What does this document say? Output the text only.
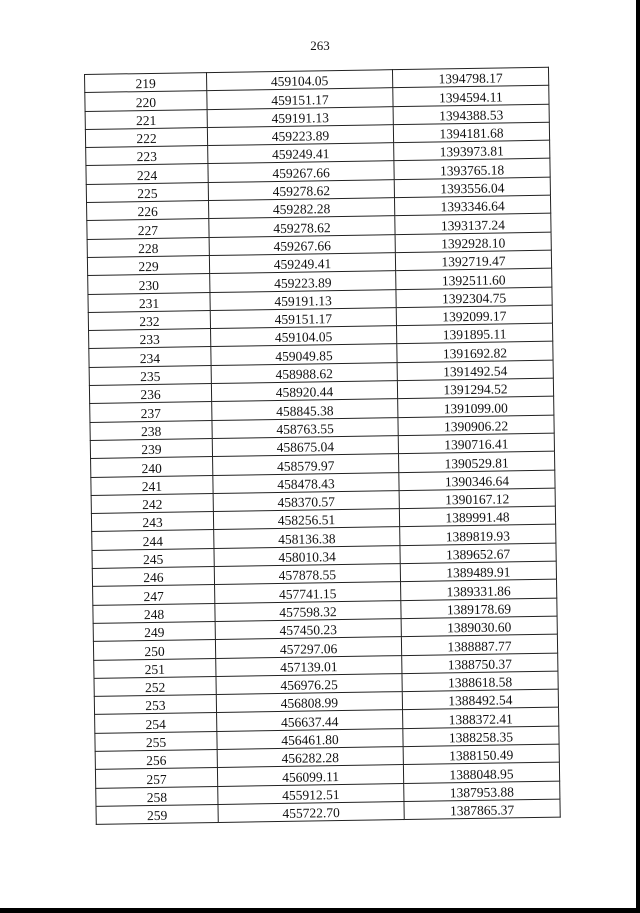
263
219	459104.05	1394798.17
220	459151.17	1394594.11
221	459191.13	1394388.53
222	459223.89	1394181.68
223	459249.41	1393973.81
224	459267.66	1393765.18
225	459278.62	1393556.04
226	459282.28	1393346.64
227	459278.62	1393137.24
228	459267.66	1392928.10
229	459249.41	1392719.47
230	459223.89	1392511.60
231	459191.13	1392304.75
232	459151.17	1392099.17
233	459104.05	1391895.11
234	459049.85	1391692.82
235	458988.62	1391492.54
236	458920.44	1391294.52
237	458845.38	1391099.00
238	458763.55	1390906.22
239	458675.04	1390716.41
240	458579.97	1390529.81
241	458478.43	1390346.64
242	458370.57	1390167.12
243	458256.51	1389991.48
244	458136.38	1389819.93
245	458010.34	1389652.67
246	457878.55	1389489.91
247	457741.15	1389331.86
248	457598.32	1389178.69
249	457450.23	1389030.60
250	457297.06	1388887.77
251	457139.01	1388750.37
252	456976.25	1388618.58
253	456808.99	1388492.54
254	456637.44	1388372.41
255	456461.80	1388258.35
256	456282.28	1388150.49
257	456099.11	1388048.95
258	455912.51	1387953.88
259	455722.70	1387865.37
